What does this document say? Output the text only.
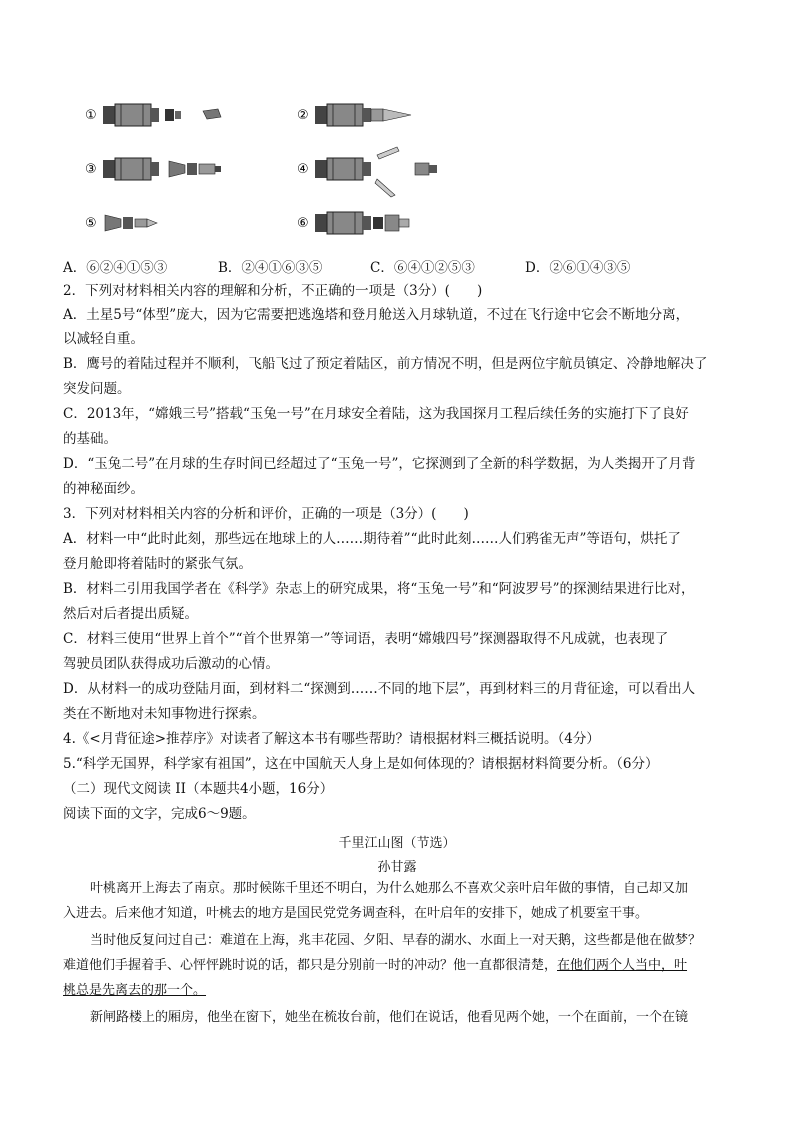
①	②
③	④
⑤	⑥
A．⑥②④①⑤③	B．②④①⑥③⑤	C．⑥④①②⑤③	D．②⑥①④③⑤
2．下列对材料相关内容的理解和分析，不正确的一项是（3分）(　　)
A．土星5号“体型”庞大，因为它需要把逃逸塔和登月舱送入月球轨道，不过在飞行途中它会不断地分离，
以减轻自重。
B．鹰号的着陆过程并不顺利，飞船飞过了预定着陆区，前方情况不明，但是两位宇航员镇定、冷静地解决了
突发问题。
C．2013年，“嫦娥三号”搭载“玉兔一号”在月球安全着陆，这为我国探月工程后续任务的实施打下了良好
的基础。
D．“玉兔二号”在月球的生存时间已经超过了“玉兔一号”，它探测到了全新的科学数据，为人类揭开了月背
的神秘面纱。
3．下列对材料相关内容的分析和评价，正确的一项是（3分）(　　)
A．材料一中“此时此刻，那些远在地球上的人……期待着”“此时此刻……人们鸦雀无声”等语句，烘托了
登月舱即将着陆时的紧张气氛。
B．材料二引用我国学者在《科学》杂志上的研究成果，将“玉兔一号”和“阿波罗号”的探测结果进行比对，
然后对后者提出质疑。
C．材料三使用“世界上首个”“首个世界第一”等词语，表明“嫦娥四号”探测器取得不凡成就，也表现了
驾驶员团队获得成功后激动的心情。
D．从材料一的成功登陆月面，到材料二“探测到……不同的地下层”，再到材料三的月背征途，可以看出人
类在不断地对未知事物进行探索。
4.《<月背征途>推荐序》对读者了解这本书有哪些帮助？请根据材料三概括说明。（4分）
5.“科学无国界，科学家有祖国”，这在中国航天人身上是如何体现的？请根据材料简要分析。（6分）
（二）现代文阅读 II（本题共4小题，16分）
阅读下面的文字，完成6～9题。
千里江山图（节选）
孙甘露
叶桃离开上海去了南京。那时候陈千里还不明白，为什么她那么不喜欢父亲叶启年做的事情，自己却又加
入进去。后来他才知道，叶桃去的地方是国民党党务调查科，在叶启年的安排下，她成了机要室干事。
当时他反复问过自己：难道在上海，兆丰花园、夕阳、早春的湖水、水面上一对天鹅，这些都是他在做梦？
难道他们手握着手、心怦怦跳时说的话，都只是分别前一时的冲动？他一直都很清楚，在他们两个人当中，叶
桃总是先离去的那一个。
新闸路楼上的厢房，他坐在窗下，她坐在梳妆台前，他们在说话，他看见两个她，一个在面前，一个在镜
